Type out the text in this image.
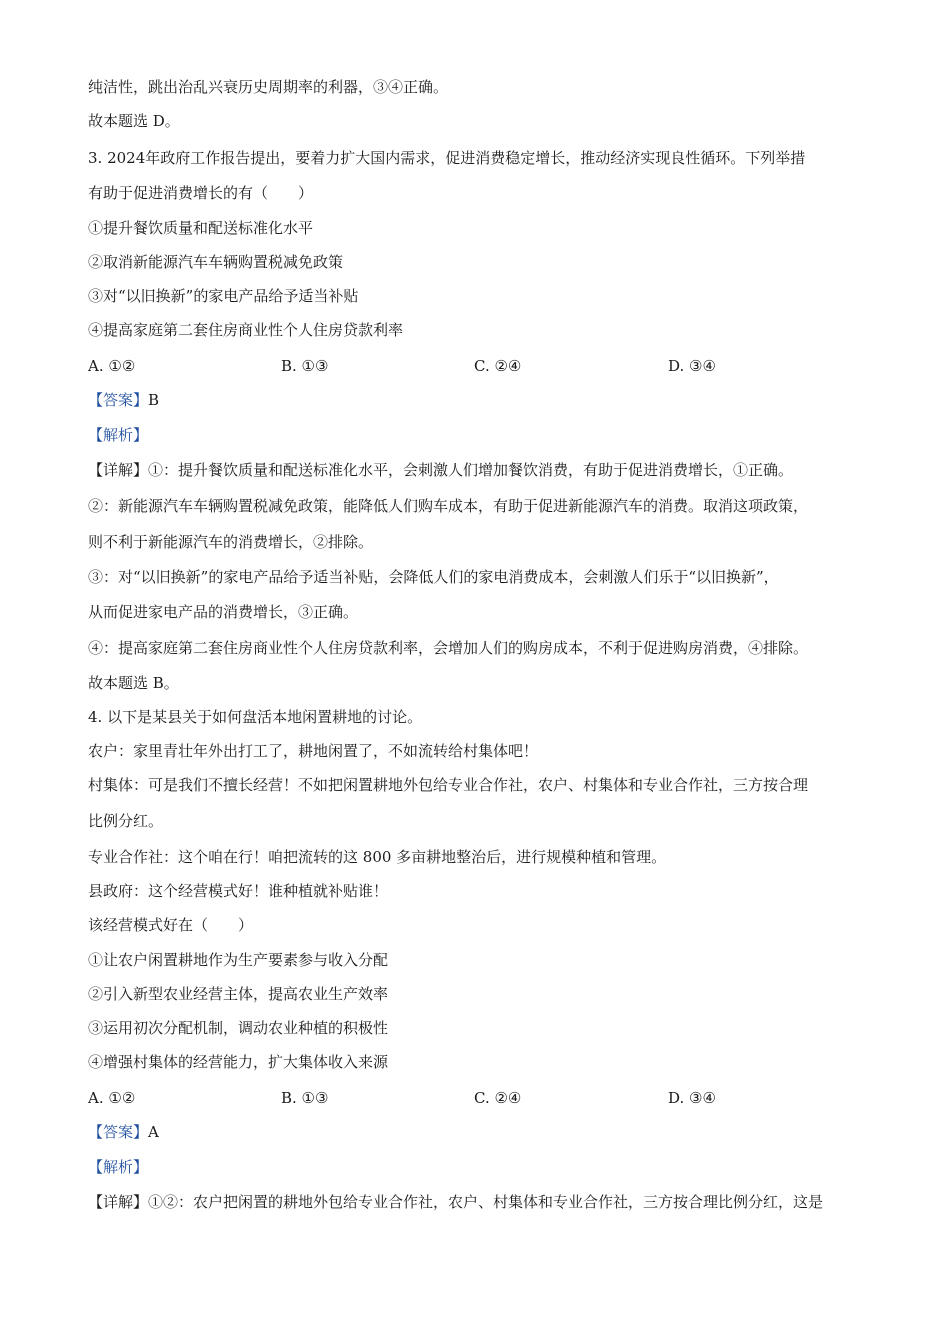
纯洁性，跳出治乱兴衰历史周期率的利器，③④正确。
故本题选 D。
3. 2024年政府工作报告提出，要着力扩大国内需求，促进消费稳定增长，推动经济实现良性循环。下列举措
有助于促进消费增长的有（　　）
①提升餐饮质量和配送标准化水平
②取消新能源汽车车辆购置税减免政策
③对“以旧换新”的家电产品给予适当补贴
④提高家庭第二套住房商业性个人住房贷款利率
A. ①②	B. ①③	C. ②④	D. ③④
【答案】B
【解析】
【详解】①：提升餐饮质量和配送标准化水平，会刺激人们增加餐饮消费，有助于促进消费增长，①正确。
②：新能源汽车车辆购置税减免政策，能降低人们购车成本，有助于促进新能源汽车的消费。取消这项政策，
则不利于新能源汽车的消费增长，②排除。
③：对“以旧换新”的家电产品给予适当补贴，会降低人们的家电消费成本，会刺激人们乐于“以旧换新”，
从而促进家电产品的消费增长，③正确。
④：提高家庭第二套住房商业性个人住房贷款利率，会增加人们的购房成本，不利于促进购房消费，④排除。
故本题选 B。
4. 以下是某县关于如何盘活本地闲置耕地的讨论。
农户：家里青壮年外出打工了，耕地闲置了，不如流转给村集体吧！
村集体：可是我们不擅长经营！不如把闲置耕地外包给专业合作社，农户、村集体和专业合作社，三方按合理
比例分红。
专业合作社：这个咱在行！咱把流转的这 800 多亩耕地整治后，进行规模种植和管理。
县政府：这个经营模式好！谁种植就补贴谁！
该经营模式好在（　　）
①让农户闲置耕地作为生产要素参与收入分配
②引入新型农业经营主体，提高农业生产效率
③运用初次分配机制，调动农业种植的积极性
④增强村集体的经营能力，扩大集体收入来源
A. ①②	B. ①③	C. ②④	D. ③④
【答案】A
【解析】
【详解】①②：农户把闲置的耕地外包给专业合作社，农户、村集体和专业合作社，三方按合理比例分红，这是
